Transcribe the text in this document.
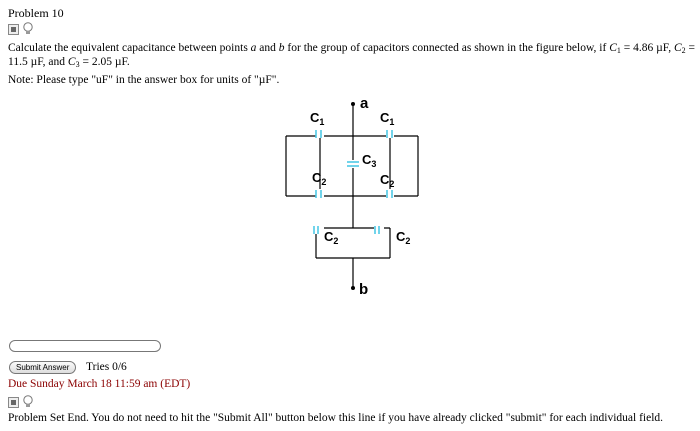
Problem 10
Calculate the equivalent capacitance between points a and b for the group of capacitors connected as shown in the figure below, if $C_1 = 4.86$ µF, $C_2$ =
11.5 µF, and $C_3 = 2.05$ µF.
Note: Please type "uF" in the answer box for units of "µF".
a
b
$C_1$	$C_1$
$C_2$
$C_3$
$C_2$
$C_2$	$C_2$
Submit Answer	Tries 0/6
Due Sunday March 18 11:59 am (EDT)
Problem Set End. You do not need to hit the "Submit All" button below this line if you have already clicked "submit" for each individual field.
